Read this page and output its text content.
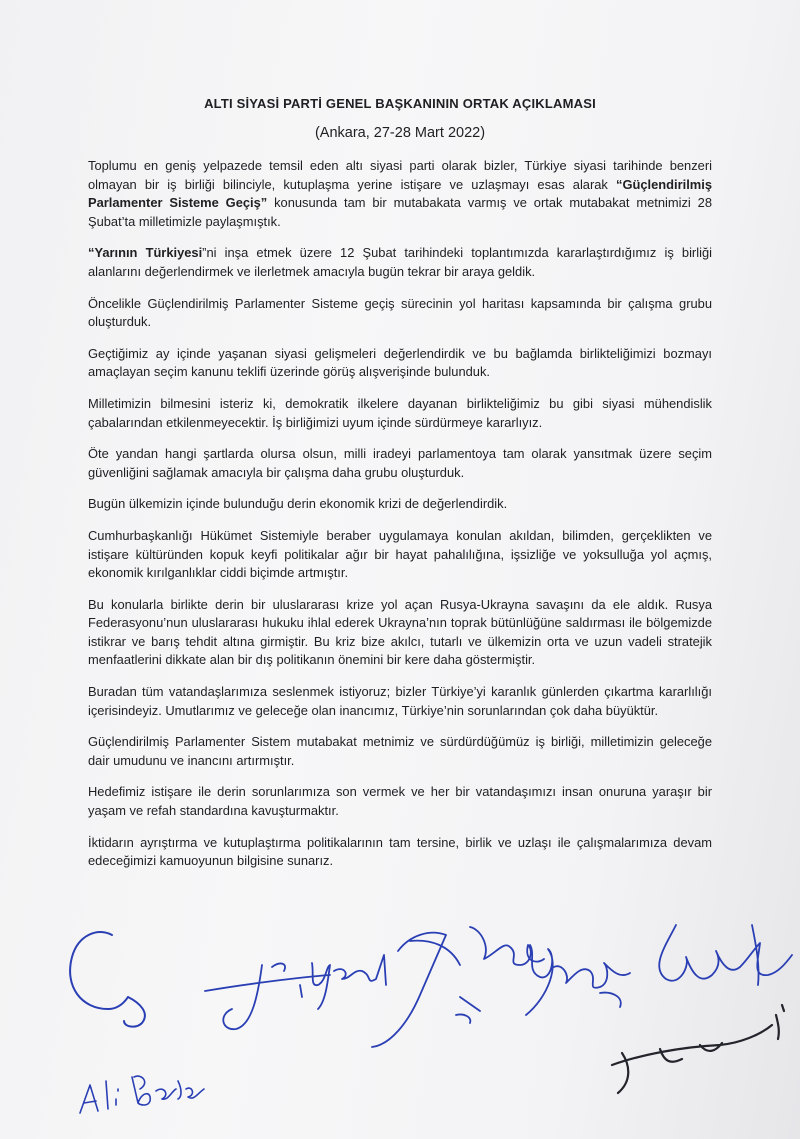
ALTI SİYASİ PARTİ GENEL BAŞKANININ ORTAK AÇIKLAMASI
(Ankara, 27-28 Mart 2022)

Toplumu en geniş yelpazede temsil eden altı siyasi parti olarak bizler, Türkiye siyasi tarihinde benzeri olmayan bir iş birliği bilinciyle, kutuplaşma yerine istişare ve uzlaşmayı esas alarak “Güçlendirilmiş Parlamenter Sisteme Geçiş” konusunda tam bir mutabakata varmış ve ortak mutabakat metnimizi 28 Şubat’ta milletimizle paylaşmıştık.

“Yarının Türkiyesi”ni inşa etmek üzere 12 Şubat tarihindeki toplantımızda kararlaştırdığımız iş birliği alanlarını değerlendirmek ve ilerletmek amacıyla bugün tekrar bir araya geldik.

Öncelikle Güçlendirilmiş Parlamenter Sisteme geçiş sürecinin yol haritası kapsamında bir çalışma grubu oluşturduk.

Geçtiğimiz ay içinde yaşanan siyasi gelişmeleri değerlendirdik ve bu bağlamda birlikteliğimizi bozmayı amaçlayan seçim kanunu teklifi üzerinde görüş alışverişinde bulunduk.

Milletimizin bilmesini isteriz ki, demokratik ilkelere dayanan birlikteliğimiz bu gibi siyasi mühendislik çabalarından etkilenmeyecektir. İş birliğimizi uyum içinde sürdürmeye kararlıyız.

Öte yandan hangi şartlarda olursa olsun, milli iradeyi parlamentoya tam olarak yansıtmak üzere seçim güvenliğini sağlamak amacıyla bir çalışma daha grubu oluşturduk.

Bugün ülkemizin içinde bulunduğu derin ekonomik krizi de değerlendirdik.

Cumhurbaşkanlığı Hükümet Sistemiyle beraber uygulamaya konulan akıldan, bilimden, gerçeklikten ve istişare kültüründen kopuk keyfi politikalar ağır bir hayat pahalılığına, işsizliğe ve yoksulluğa yol açmış, ekonomik kırılganlıklar ciddi biçimde artmıştır.

Bu konularla birlikte derin bir uluslararası krize yol açan Rusya-Ukrayna savaşını da ele aldık. Rusya Federasyonu’nun uluslararası hukuku ihlal ederek Ukrayna’nın toprak bütünlüğüne saldırması ile bölgemizde istikrar ve barış tehdit altına girmiştir. Bu kriz bize akılcı, tutarlı ve ülkemizin orta ve uzun vadeli stratejik menfaatlerini dikkate alan bir dış politikanın önemini bir kere daha göstermiştir.

Buradan tüm vatandaşlarımıza seslenmek istiyoruz; bizler Türkiye’yi karanlık günlerden çıkartma kararlılığı içerisindeyiz. Umutlarımız ve geleceğe olan inancımız, Türkiye’nin sorunlarından çok daha büyüktür.

Güçlendirilmiş Parlamenter Sistem mutabakat metnimiz ve sürdürdüğümüz iş birliği, milletimizin geleceğe dair umudunu ve inancını artırmıştır.

Hedefimiz istişare ile derin sorunlarımıza son vermek ve her bir vatandaşımızı insan onuruna yaraşır bir yaşam ve refah standardına kavuşturmaktır.

İktidarın ayrıştırma ve kutuplaştırma politikalarının tam tersine, birlik ve uzlaşı ile çalışmalarımıza devam edeceğimizi kamuoyunun bilgisine sunarız.
